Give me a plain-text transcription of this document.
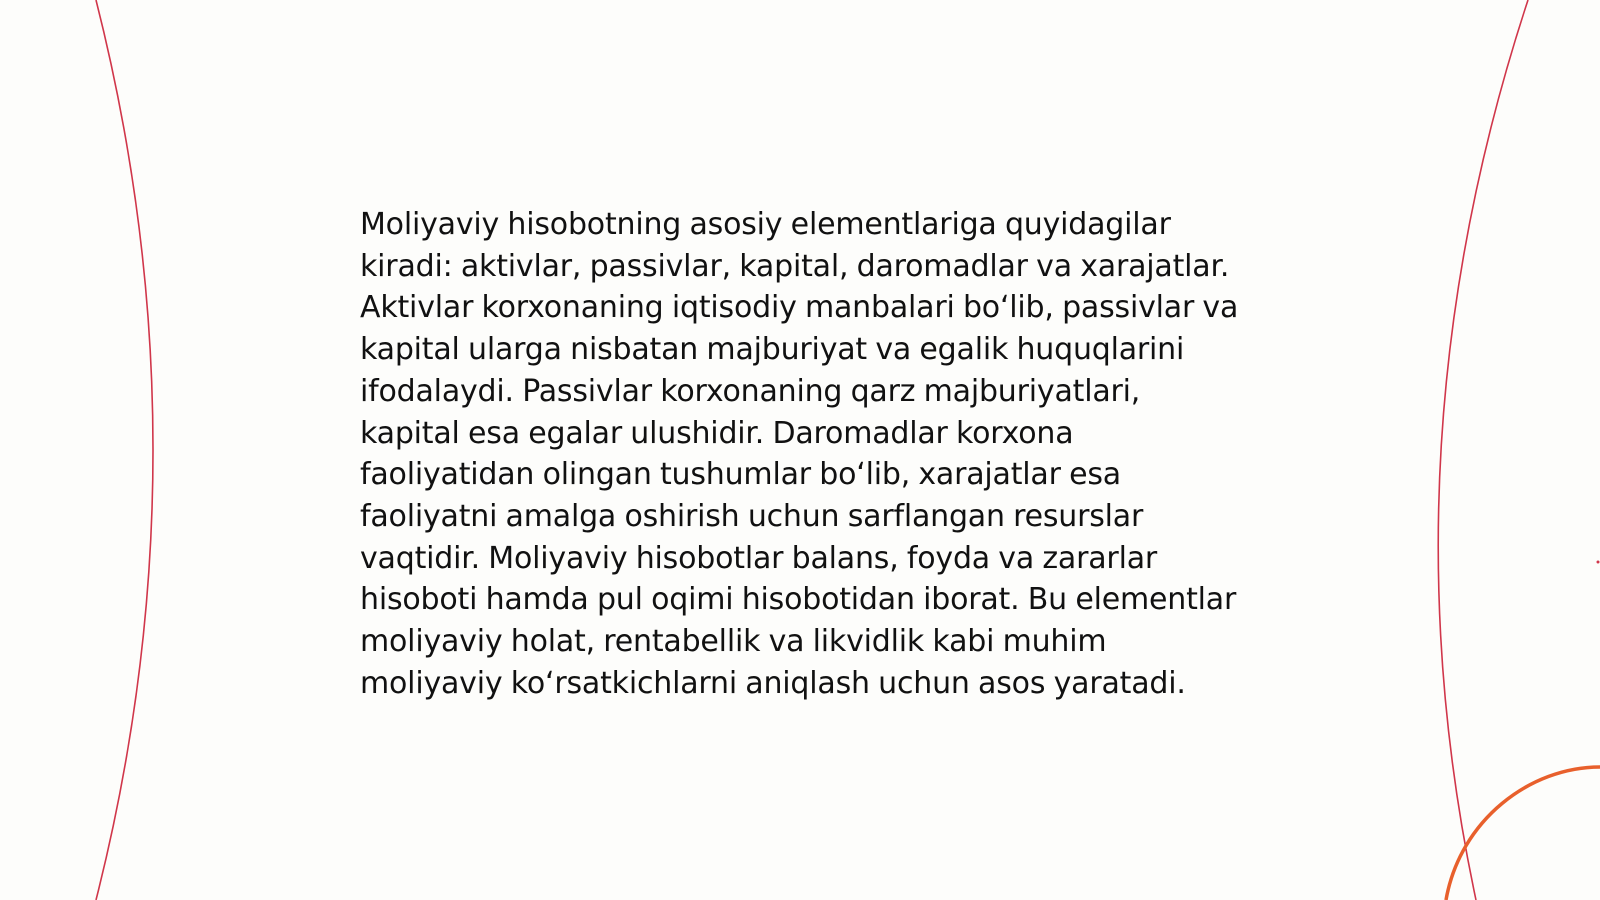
Moliyaviy hisobotning asosiy elementlariga quyidagilar kiradi: aktivlar, passivlar, kapital, daromadlar va xarajatlar. Aktivlar korxonaning iqtisodiy manbalari bo‘lib, passivlar va kapital ularga nisbatan majburiyat va egalik huquqlarini ifodalaydi. Passivlar korxonaning qarz majburiyatlari, kapital esa egalar ulushidir. Daromadlar korxona faoliyatidan olingan tushumlar bo‘lib, xarajatlar esa faoliyatni amalga oshirish uchun sarflangan resurslar vaqtidir. Moliyaviy hisobotlar balans, foyda va zararlar hisoboti hamda pul oqimi hisobotidan iborat. Bu elementlar moliyaviy holat, rentabellik va likvidlik kabi muhim moliyaviy ko‘rsatkichlarni aniqlash uchun asos yaratadi.
